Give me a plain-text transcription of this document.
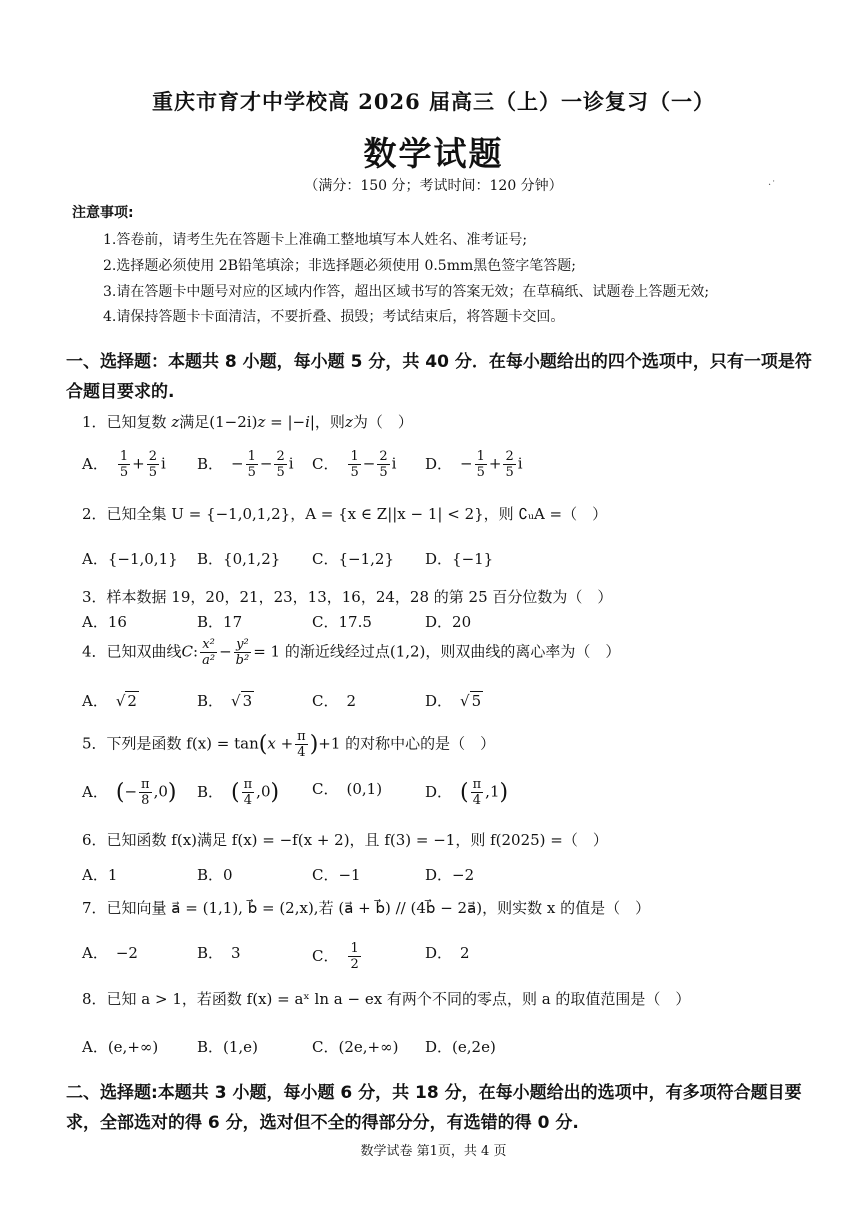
重庆市育才中学校高 2026 届高三（上）一诊复习（一）
数学试题
（满分：150 分；考试时间：120 分钟）	·˙
注意事项:
1.答卷前，请考生先在答题卡上准确工整地填写本人姓名、准考证号;
2.选择题必须使用 2B铅笔填涂；非选择题必须使用 0.5mm黑色签字笔答题;
3.请在答题卡中题号对应的区域内作答，超出区域书写的答案无效；在草稿纸、试题卷上答题无效;
4.请保持答题卡卡面清洁，不要折叠、损毁；考试结束后，将答题卡交回。
一、选择题：本题共 8 小题，每小题 5 分，共 40 分．在每小题给出的四个选项中，只有一项是符合题目要求的.
1．已知复数 z满足(1−2i)z = |−i|，则z为（　）
A． $\frac{1}{5} + \frac{2}{5}$ i B． − $\frac{1}{5} - \frac{2}{5}$ i C． $\frac{1}{5} - \frac{2}{5}$ i D． − $\frac{1}{5} + \frac{2}{5}$ i
2．已知全集 U = {−1,0,1,2}，A = {x ∈ Z||x − 1| < 2}，则 ∁ᵤA =（　）
A．{−1,0,1} B．{0,1,2} C．{−1,2} D．{−1}
3．样本数据 19，20，21，23，13，16，24，28 的第 25 百分位数为（　）
A．16	B．17	C．17.5	D．20
4．已知双曲线C: $\frac{\text{x²}}{\text{a²}} - \frac{\text{y²}}{\text{b²}} = 1$ 的渐近线经过点(1,2)，则双曲线的离心率为（　）
A． √ 2	B． √ 3	C． 2	D． √ 5
5．下列是函数 $f(x) = \tan(x + \frac{\pi}{4} )+1$ 的对称中心的是（　）
A． (− $\frac{\pi}{8} ,0$) B． ( $\frac{\pi}{4} ,0$) C． (0,1)	D． ( $\frac{\pi}{4} ,1$)
6．已知函数 f(x)满足 f(x) = −f(x + 2)，且 f(3) = −1，则 f(2025) =（　）
A．1	B．0	C．−1	D．−2
7．已知向量 a⃗ = (1,1), b⃗ = (2,x),若 (a⃗ + b⃗) // (4b⃗ − 2a⃗)，则实数 x 的值是（　）
A． −2	B． 3	C． $\frac{1}{2}$	D． 2
8．已知 a > 1，若函数 f(x) = aˣ ln a − ex 有两个不同的零点，则 a 的取值范围是（　）
A．(e,+∞)	B．(1,e)	C．(2e,+∞) D．(e,2e)
二、选择题:本题共 3 小题，每小题 6 分，共 18 分，在每小题给出的选项中，有多项符合题目要求，全部选对的得 6 分，选对但不全的得部分分，有选错的得 0 分.
数学试卷 第1页，共 4 页
